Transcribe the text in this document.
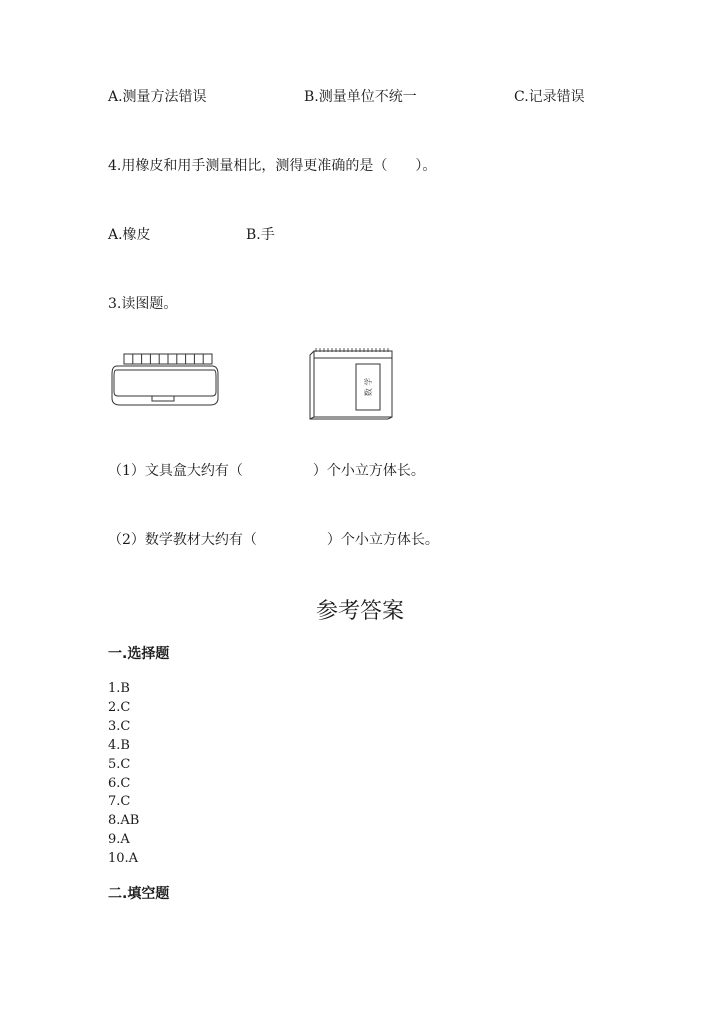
A.测量方法错误	B.测量单位不统一	C.记录错误
4.用橡皮和用手测量相比，测得更准确的是（　　）。
A.橡皮	B.手
3.读图题。
数 学
（1）文具盒大约有（　　　　　）个小立方体长。
（2）数学教材大约有（　　　　　）个小立方体长。
参考答案
一.选择题
1.B
2.C
3.C
4.B
5.C
6.C
7.C
8.AB
9.A
10.A
二.填空题
